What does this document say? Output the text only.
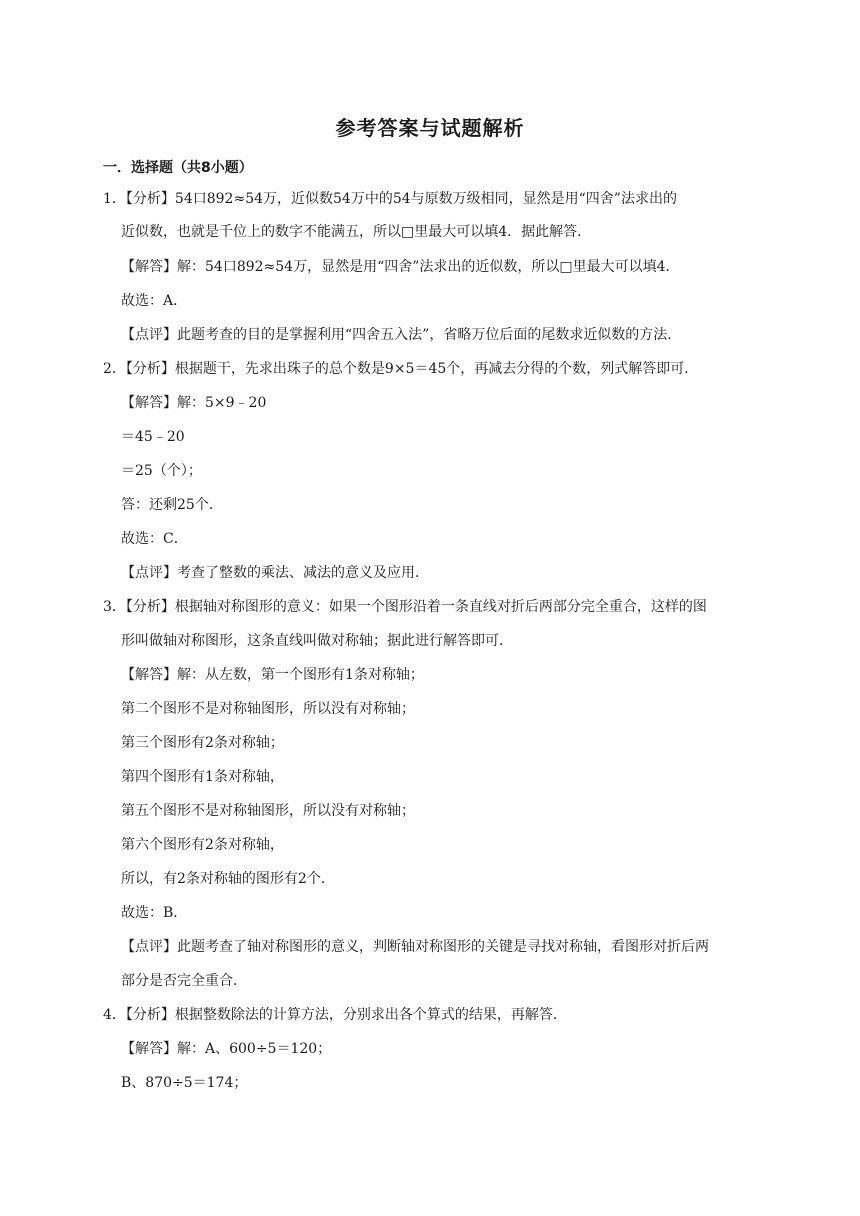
参考答案与试题解析
一．选择题（共8小题）
1．【分析】54口892≈54万，近似数54万中的54与原数万级相同，显然是用“四舍”法求出的
近似数，也就是千位上的数字不能满五，所以□里最大可以填4．据此解答．
【解答】解：54口892≈54万，显然是用“四舍”法求出的近似数，所以□里最大可以填4．
故选：A．
【点评】此题考查的目的是掌握利用“四舍五入法”，省略万位后面的尾数求近似数的方法．
2．【分析】根据题干，先求出珠子的总个数是9×5＝45个，再减去分得的个数，列式解答即可．
【解答】解：5×9﹣20
＝45﹣20
＝25（个）；
答：还剩25个．
故选：C．
【点评】考查了整数的乘法、减法的意义及应用．
3．【分析】根据轴对称图形的意义：如果一个图形沿着一条直线对折后两部分完全重合，这样的图
形叫做轴对称图形，这条直线叫做对称轴；据此进行解答即可．
【解答】解：从左数，第一个图形有1条对称轴；
第二个图形不是对称轴图形，所以没有对称轴；
第三个图形有2条对称轴；
第四个图形有1条对称轴，
第五个图形不是对称轴图形，所以没有对称轴；
第六个图形有2条对称轴，
所以，有2条对称轴的图形有2个．
故选：B．
【点评】此题考查了轴对称图形的意义，判断轴对称图形的关键是寻找对称轴，看图形对折后两
部分是否完全重合．
4．【分析】根据整数除法的计算方法，分别求出各个算式的结果，再解答．
【解答】解：A、600÷5＝120；
B、870÷5＝174；
